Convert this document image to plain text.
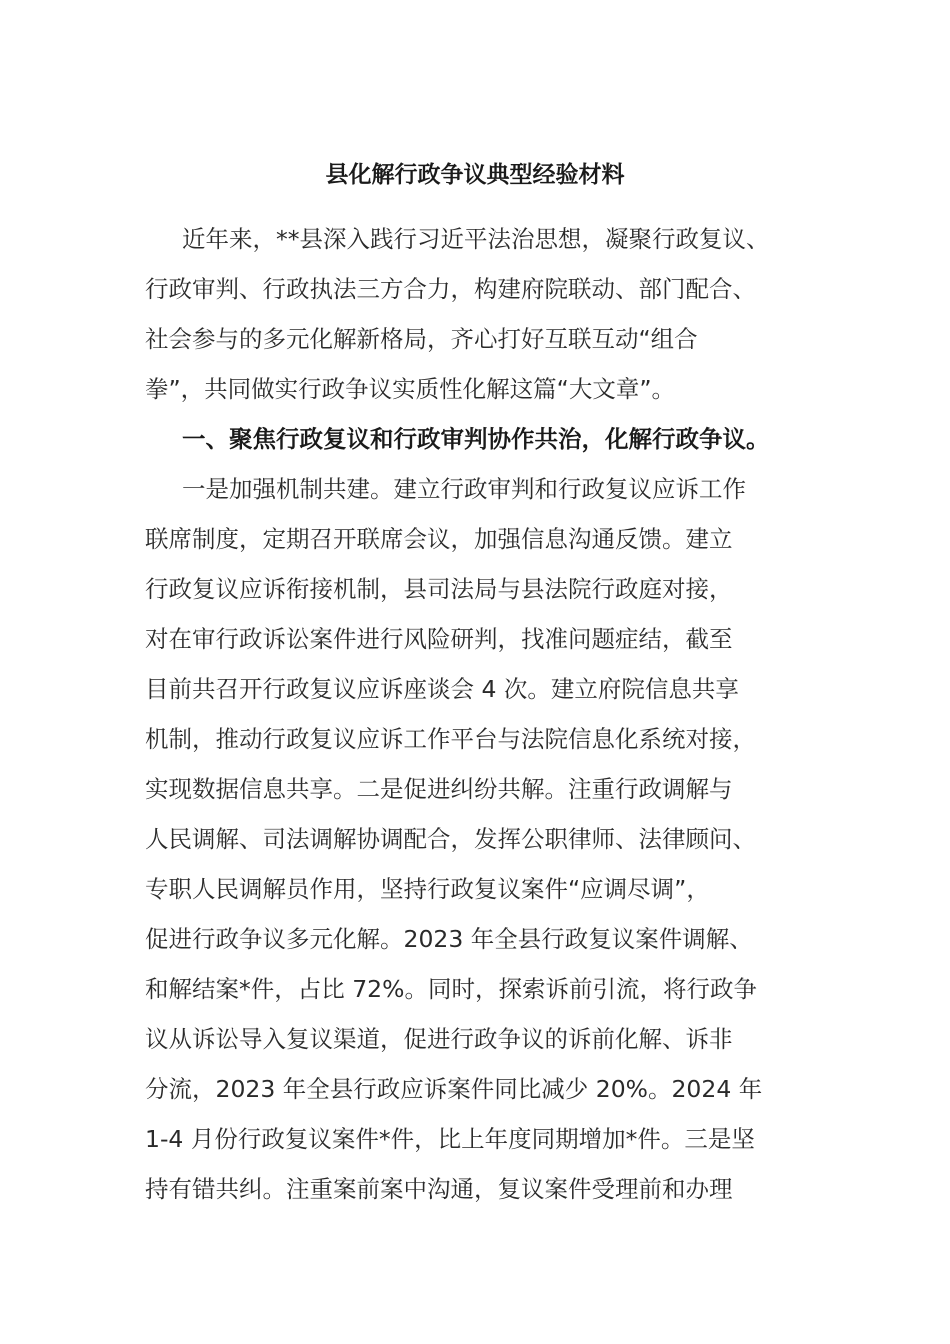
县化解行政争议典型经验材料
近年来，**县深入践行习近平法治思想，凝聚行政复议、
行政审判、行政执法三方合力，构建府院联动、部门配合、
社会参与的多元化解新格局，齐心打好互联互动“组合
拳”，共同做实行政争议实质性化解这篇“大文章”。
一、聚焦行政复议和行政审判协作共治，化解行政争议。
一是加强机制共建。建立行政审判和行政复议应诉工作
联席制度，定期召开联席会议，加强信息沟通反馈。建立
行政复议应诉衔接机制，县司法局与县法院行政庭对接，
对在审行政诉讼案件进行风险研判，找准问题症结，截至
目前共召开行政复议应诉座谈会 4 次。建立府院信息共享
机制，推动行政复议应诉工作平台与法院信息化系统对接，
实现数据信息共享。二是促进纠纷共解。注重行政调解与
人民调解、司法调解协调配合，发挥公职律师、法律顾问、
专职人民调解员作用，坚持行政复议案件“应调尽调”，
促进行政争议多元化解。2023 年全县行政复议案件调解、
和解结案*件，占比 72%。同时，探索诉前引流，将行政争
议从诉讼导入复议渠道，促进行政争议的诉前化解、诉非
分流，2023 年全县行政应诉案件同比减少 20%。2024 年
1-4 月份行政复议案件*件，比上年度同期增加*件。三是坚
持有错共纠。注重案前案中沟通，复议案件受理前和办理
